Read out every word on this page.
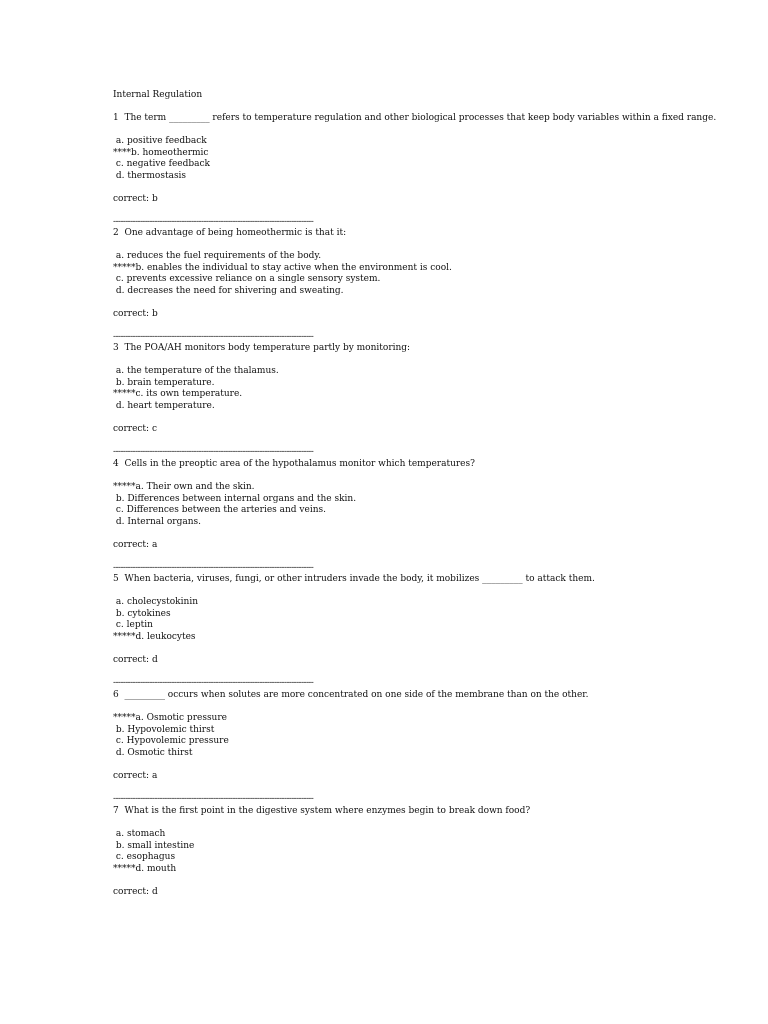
Internal Regulation
1  The term _________ refers to temperature regulation and other biological processes that keep body variables within a fixed range.
a. positive feedback
****b. homeothermic
c. negative feedback
d. thermostasis
correct: b
----------------------------------------------------------------------------------
2  One advantage of being homeothermic is that it:
a. reduces the fuel requirements of the body.
*****b. enables the individual to stay active when the environment is cool.
c. prevents excessive reliance on a single sensory system.
d. decreases the need for shivering and sweating.
correct: b
----------------------------------------------------------------------------------
3  The POA/AH monitors body temperature partly by monitoring:
a. the temperature of the thalamus.
b. brain temperature.
*****c. its own temperature.
d. heart temperature.
correct: c
----------------------------------------------------------------------------------
4  Cells in the preoptic area of the hypothalamus monitor which temperatures?
*****a. Their own and the skin.
b. Differences between internal organs and the skin.
c. Differences between the arteries and veins.
d. Internal organs.
correct: a
----------------------------------------------------------------------------------
5  When bacteria, viruses, fungi, or other intruders invade the body, it mobilizes _________ to attack them.
a. cholecystokinin
b. cytokines
c. leptin
*****d. leukocytes
correct: d
----------------------------------------------------------------------------------
6  _________ occurs when solutes are more concentrated on one side of the membrane than on the other.
*****a. Osmotic pressure
b. Hypovolemic thirst
c. Hypovolemic pressure
d. Osmotic thirst
correct: a
----------------------------------------------------------------------------------
7  What is the first point in the digestive system where enzymes begin to break down food?
a. stomach
b. small intestine
c. esophagus
*****d. mouth
correct: d
